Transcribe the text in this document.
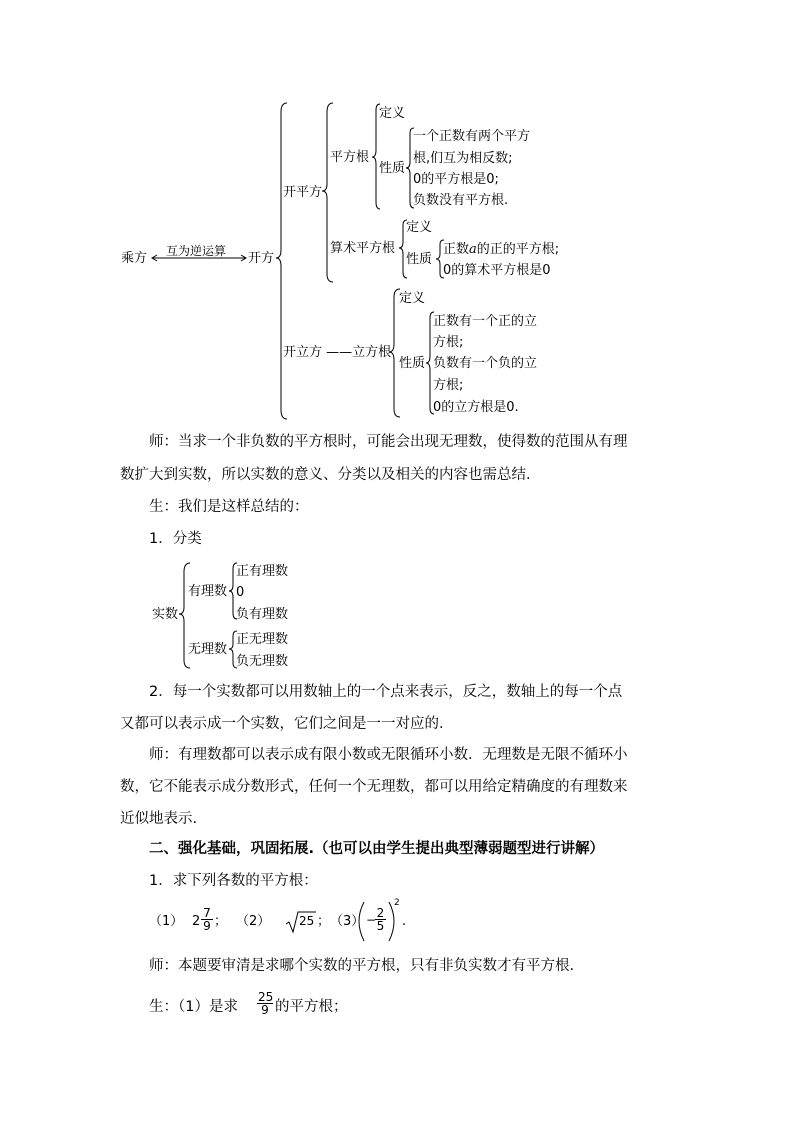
乘方 互为逆运算 开方
开平方
平方根
定义
性质
一个正数有两个平方
根,们互为相反数;
0的平方根是0;
负数没有平方根.
算术平方根
定义
性质
正数a的正的平方根;
0的算术平方根是0
开立方 ——立方根
定义
性质
正数有一个正的立
方根;
负数有一个负的立
方根;
0的立方根是0.
师：当求一个非负数的平方根时，可能会出现无理数，使得数的范围从有理
数扩大到实数，所以实数的意义、分类以及相关的内容也需总结.
生：我们是这样总结的：
1．分类
实数
有理数
正有理数
0
负有理数
无理数
正无理数
负无理数
2．每一个实数都可以用数轴上的一个点来表示，反之，数轴上的每一个点
又都可以表示成一个实数，它们之间是一一对应的.
师：有理数都可以表示成有限小数或无限循环小数．无理数是无限不循环小
数，它不能表示成分数形式，任何一个无理数，都可以用给定精确度的有理数来
近似地表示.
二、强化基础，巩固拓展.（也可以由学生提出典型薄弱题型进行讲解）
1．求下列各数的平方根：
（1） $2 \frac{7}{9}$ ； （2） 25 ； （3） −
$\frac{2}{5}$
2
.
师：本题要审清是求哪个实数的平方根，只有非负实数才有平方根.
生：（1）是求 $\frac{25}{9}$ 的平方根；
